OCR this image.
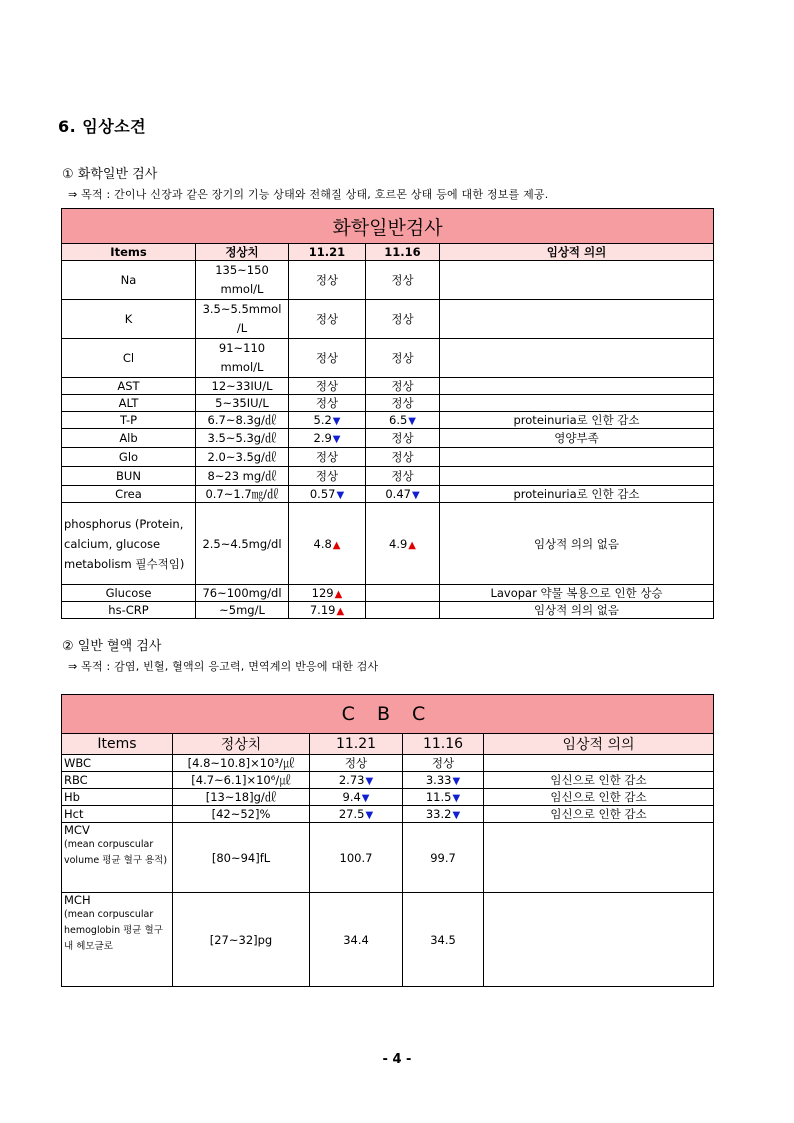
6. 임상소견
① 화학일반 검사
⇒ 목적 : 간이나 신장과 같은 장기의 기능 상태와 전해질 상태, 호르몬 상태 등에 대한 정보를 제공.
화학일반검사				
Items	정상치	11.21	11.16	임상적 의의
Na	135~150 mmol/L	정상	정상	
K	3.5~5.5mmol /L	정상	정상	
Cl	91~110 mmol/L	정상	정상	
AST	12~33IU/L	정상	정상	
ALT	5~35IU/L	정상	정상	
T-P	6.7~8.3g/㎗	5.2▼	6.5▼	proteinuria로 인한 감소
Alb	3.5~5.3g/㎗	2.9▼	정상	영양부족
Glo	2.0~3.5g/㎗	정상	정상	
BUN	8~23 mg/㎗	정상	정상	
Crea	0.7~1.7㎎/㎗	0.57▼	0.47▼	proteinuria로 인한 감소
phosphorus (Protein, calcium, glucose metabolism 필수적임)	2.5~4.5mg/dl	4.8▲	4.9▲	임상적 의의 없음
Glucose	76~100mg/dl	129▲		Lavopar 약물 복용으로 인한 상승
hs-CRP	~5mg/L	7.19▲		임상적 의의 없음
② 일반 혈액 검사
⇒ 목적 : 감염, 빈혈, 혈액의 응고력, 면역계의 반응에 대한 검사
C B C				
Items	정상치	11.21	11.16	임상적 의의
WBC	[4.8~10.8]×10³/㎕	정상	정상	
RBC	[4.7~6.1]×10⁶/㎕	2.73▼	3.33▼	임신으로 인한 감소
Hb	[13~18]g/㎗	9.4▼	11.5▼	임신으로 인한 감소
Hct	[42~52]%	27.5▼	33.2▼	임신으로 인한 감소
MCV
(mean corpuscular volume 평균 혈구 용적)	[80~94]fL	100.7	99.7	
MCH
(mean corpuscular hemoglobin 평균 혈구내 헤모글로	[27~32]pg	34.4	34.5	
- 4 -
